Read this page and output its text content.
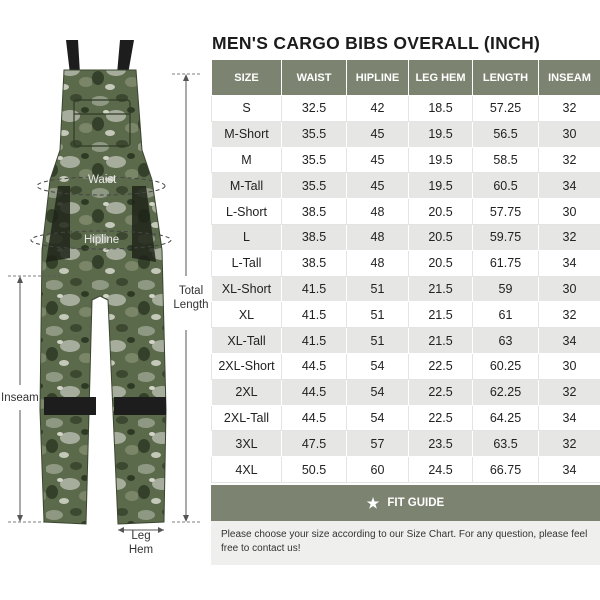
Waist
Hipline
Total
Length
Inseam
Leg
Hem
MEN'S CARGO BIBS OVERALL (INCH)
SIZE	WAIST	HIPLINE	LEG HEM	LENGTH	INSEAM
S	32.5	42	18.5	57.25	32
M-Short	35.5	45	19.5	56.5	30
M	35.5	45	19.5	58.5	32
M-Tall	35.5	45	19.5	60.5	34
L-Short	38.5	48	20.5	57.75	30
L	38.5	48	20.5	59.75	32
L-Tall	38.5	48	20.5	61.75	34
XL-Short	41.5	51	21.5	59	30
XL	41.5	51	21.5	61	32
XL-Tall	41.5	51	21.5	63	34
2XL-Short	44.5	54	22.5	60.25	30
2XL	44.5	54	22.5	62.25	32
2XL-Tall	44.5	54	22.5	64.25	34
3XL	47.5	57	23.5	63.5	32
4XL	50.5	60	24.5	66.75	34
★ FIT GUIDE
Please choose your size according to our Size Chart. For any question, please feel free to contact us!
